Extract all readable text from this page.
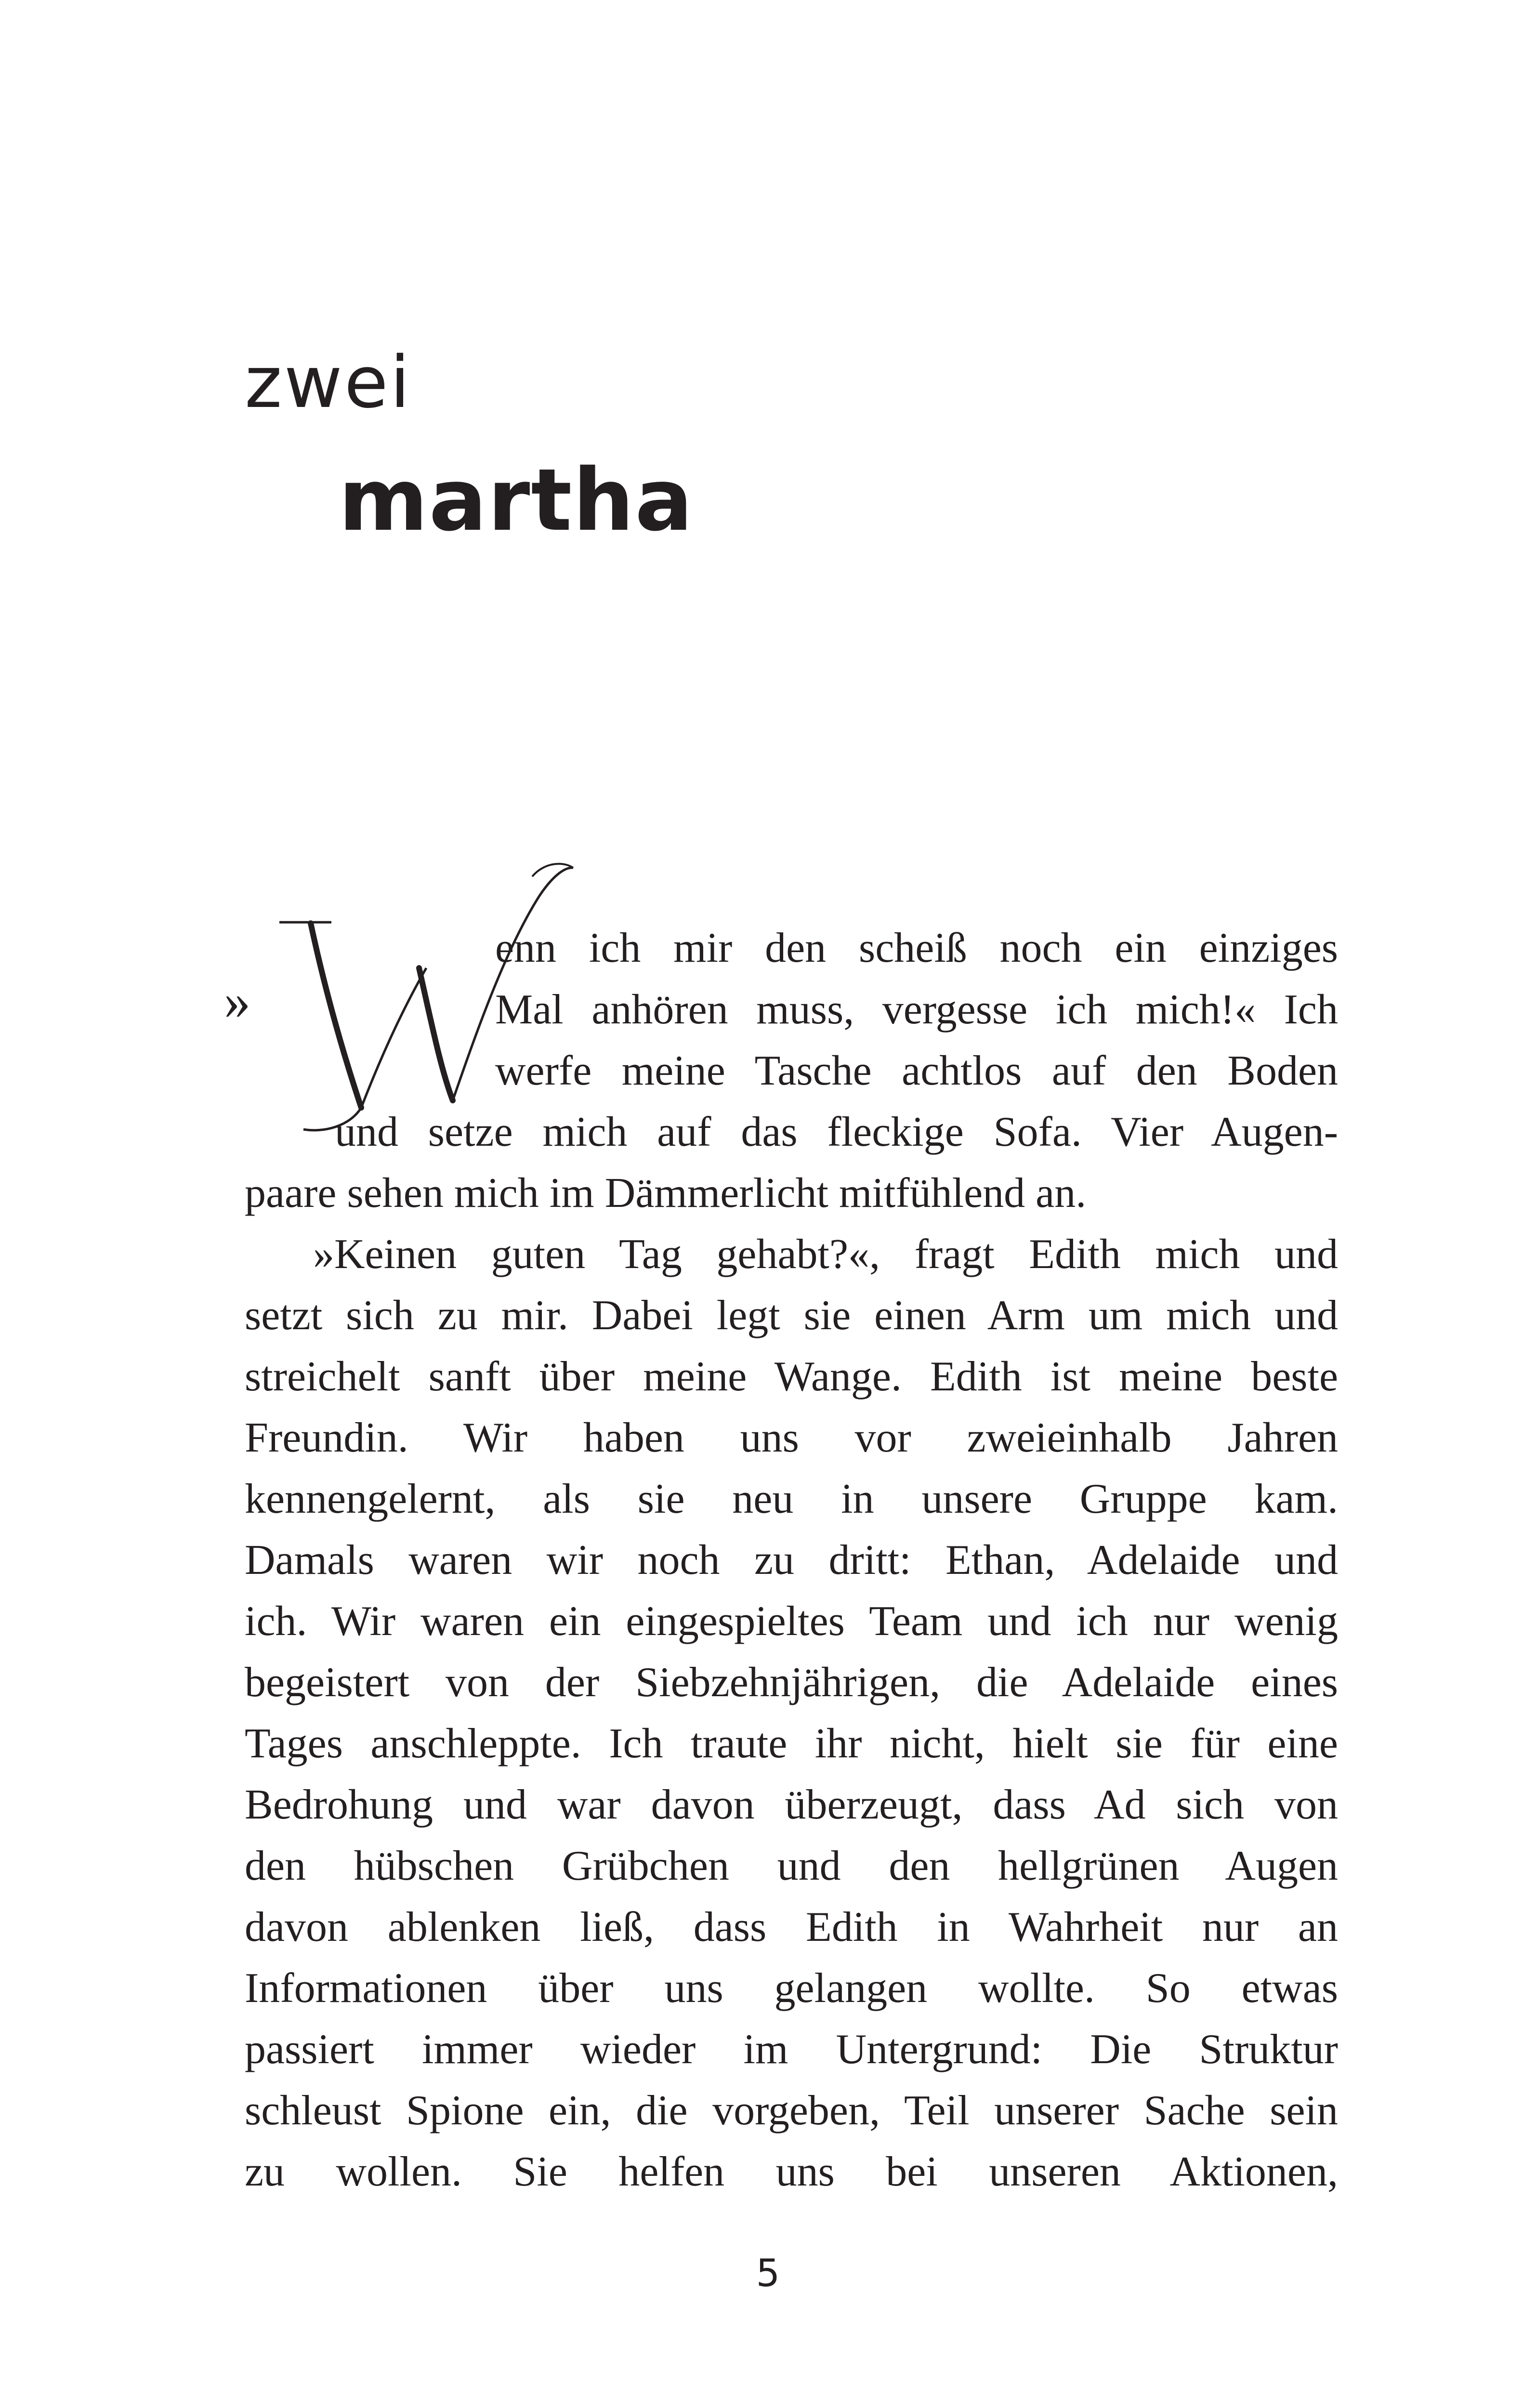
zwei
martha
»
enn ich mir den scheiß noch ein einziges
Mal anhören muss, vergesse ich mich!« Ich
werfe meine Tasche achtlos auf den Boden
und setze mich auf das fleckige Sofa. Vier Augen-
paare sehen mich im Dämmerlicht mitfühlend an.
»Keinen guten Tag gehabt?«, fragt Edith mich und
setzt sich zu mir. Dabei legt sie einen Arm um mich und
streichelt sanft über meine Wange. Edith ist meine beste
Freundin. Wir haben uns vor zweieinhalb Jahren
kennengelernt, als sie neu in unsere Gruppe kam.
Damals waren wir noch zu dritt: Ethan, Adelaide und
ich. Wir waren ein eingespieltes Team und ich nur wenig
begeistert von der Siebzehnjährigen, die Adelaide eines
Tages anschleppte. Ich traute ihr nicht, hielt sie für eine
Bedrohung und war davon überzeugt, dass Ad sich von
den hübschen Grübchen und den hellgrünen Augen
davon ablenken ließ, dass Edith in Wahrheit nur an
Informationen über uns gelangen wollte. So etwas
passiert immer wieder im Untergrund: Die Struktur
schleust Spione ein, die vorgeben, Teil unserer Sache sein
zu wollen. Sie helfen uns bei unseren Aktionen,
5
